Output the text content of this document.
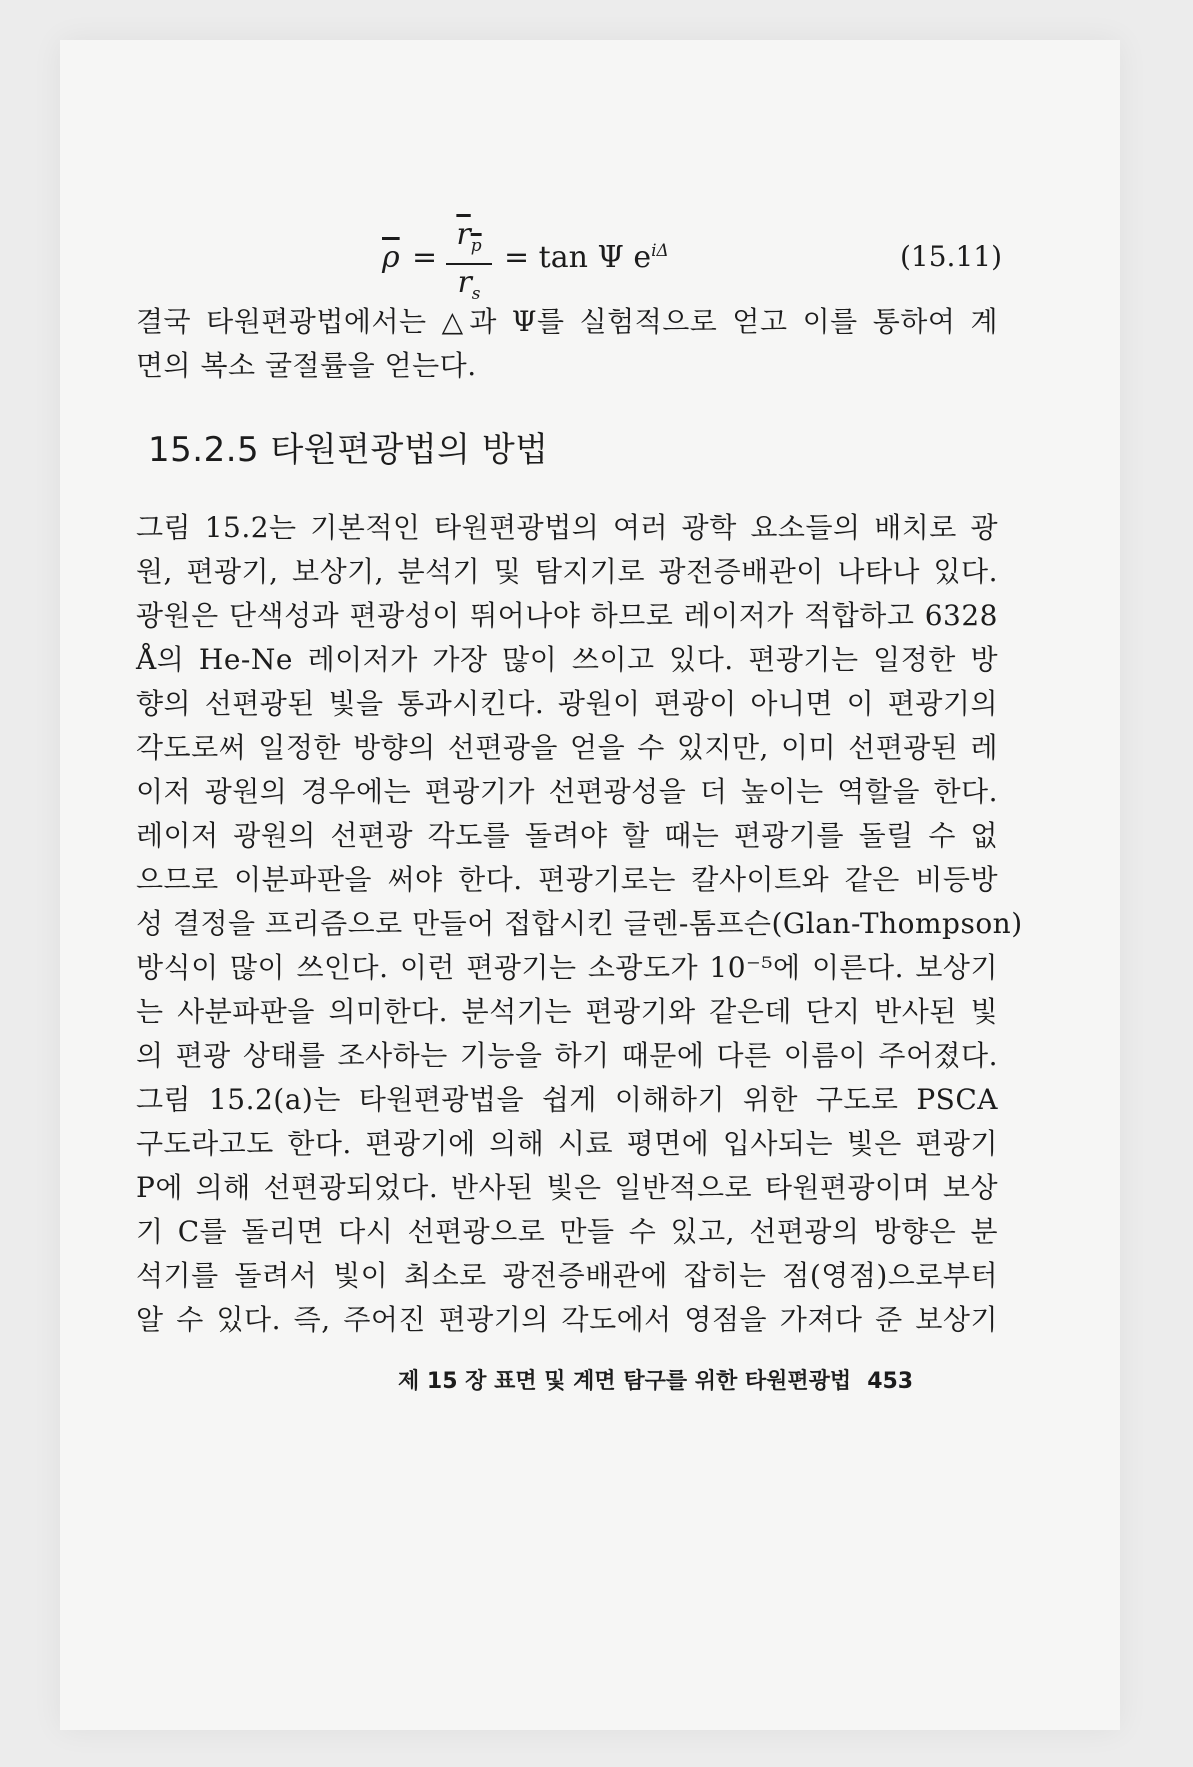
$\overline{\rho}$ =
$r_p$
$r_s$
= tan Ψ $e^{i\Delta}$	(15.11)
결국 타원편광법에서는 △과 Ψ를 실험적으로 얻고 이를 통하여 계
면의 복소 굴절률을 얻는다.
15.2.5 타원편광법의 방법
그림 15.2는 기본적인 타원편광법의 여러 광학 요소들의 배치로 광
원, 편광기, 보상기, 분석기 및 탐지기로 광전증배관이 나타나 있다.
광원은 단색성과 편광성이 뛰어나야 하므로 레이저가 적합하고 6328
Å의 He-Ne 레이저가 가장 많이 쓰이고 있다. 편광기는 일정한 방
향의 선편광된 빛을 통과시킨다. 광원이 편광이 아니면 이 편광기의
각도로써 일정한 방향의 선편광을 얻을 수 있지만, 이미 선편광된 레
이저 광원의 경우에는 편광기가 선편광성을 더 높이는 역할을 한다.
레이저 광원의 선편광 각도를 돌려야 할 때는 편광기를 돌릴 수 없
으므로 이분파판을 써야 한다. 편광기로는 칼사이트와 같은 비등방
성 결정을 프리즘으로 만들어 접합시킨 글렌-톰프슨(Glan-Thompson)
방식이 많이 쓰인다. 이런 편광기는 소광도가 10⁻⁵에 이른다. 보상기
는 사분파판을 의미한다. 분석기는 편광기와 같은데 단지 반사된 빛
의 편광 상태를 조사하는 기능을 하기 때문에 다른 이름이 주어졌다.
그림 15.2(a)는 타원편광법을 쉽게 이해하기 위한 구도로 PSCA
구도라고도 한다. 편광기에 의해 시료 평면에 입사되는 빛은 편광기
P에 의해 선편광되었다. 반사된 빛은 일반적으로 타원편광이며 보상
기 C를 돌리면 다시 선편광으로 만들 수 있고, 선편광의 방향은 분
석기를 돌려서 빛이 최소로 광전증배관에 잡히는 점(영점)으로부터
알 수 있다. 즉, 주어진 편광기의 각도에서 영점을 가져다 준 보상기
제 15 장 표면 및 계면 탐구를 위한 타원편광법 453
